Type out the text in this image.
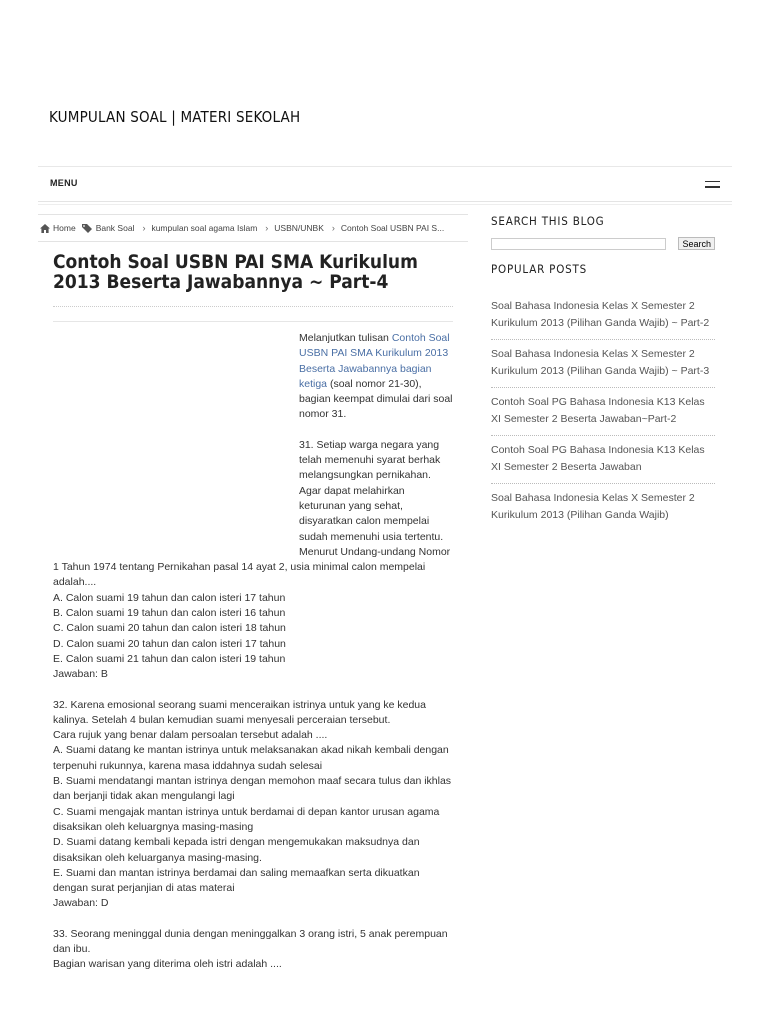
KUMPULAN SOAL | MATERI SEKOLAH
MENU
Home Bank Soal › kumpulan soal agama Islam › USBN/UNBK › Contoh Soal USBN PAI S...
Contoh Soal USBN PAI SMA Kurikulum 2013 Beserta Jawabannya ~ Part-4
Melanjutkan tulisan Contoh Soal USBN PAI SMA Kurikulum 2013 Beserta Jawabannya bagian ketiga (soal nomor 21-30), bagian keempat dimulai dari soal nomor 31.

31. Setiap warga negara yang telah memenuhi syarat berhak melangsungkan pernikahan. Agar dapat melahirkan keturunan yang sehat, disyaratkan calon mempelai sudah memenuhi usia tertentu. Menurut Undang-undang Nomor 1 Tahun 1974 tentang Pernikahan pasal 14 ayat 2, usia minimal calon mempelai adalah....
A. Calon suami 19 tahun dan calon isteri 17 tahun
B. Calon suami 19 tahun dan calon isteri 16 tahun
C. Calon suami 20 tahun dan calon isteri 18 tahun
D. Calon suami 20 tahun dan calon isteri 17 tahun
E. Calon suami 21 tahun dan calon isteri 19 tahun
Jawaban: B

32. Karena emosional seorang suami menceraikan istrinya untuk yang ke kedua kalinya. Setelah 4 bulan kemudian suami menyesali perceraian tersebut.
Cara rujuk yang benar dalam persoalan tersebut adalah ....
A. Suami datang ke mantan istrinya untuk melaksanakan akad nikah kembali dengan terpenuhi rukunnya, karena masa iddahnya sudah selesai
B. Suami mendatangi mantan istrinya dengan memohon maaf secara tulus dan ikhlas dan berjanji tidak akan mengulangi lagi
C. Suami mengajak mantan istrinya untuk berdamai di depan kantor urusan agama disaksikan oleh keluargnya masing-masing
D. Suami datang kembali kepada istri dengan mengemukakan maksudnya dan disaksikan oleh keluarganya masing-masing.
E. Suami dan mantan istrinya berdamai dan saling memaafkan serta dikuatkan dengan surat perjanjian di atas materai
Jawaban: D

33. Seorang meninggal dunia dengan meninggalkan 3 orang istri, 5 anak perempuan dan ibu.
Bagian warisan yang diterima oleh istri adalah ....

SEARCH THIS BLOG
Search
POPULAR POSTS
Soal Bahasa Indonesia Kelas X Semester 2 Kurikulum 2013 (Pilihan Ganda Wajib) ~ Part-2
Soal Bahasa Indonesia Kelas X Semester 2 Kurikulum 2013 (Pilihan Ganda Wajib) ~ Part-3
Contoh Soal PG Bahasa Indonesia K13 Kelas XI Semester 2 Beserta Jawaban~Part-2
Contoh Soal PG Bahasa Indonesia K13 Kelas XI Semester 2 Beserta Jawaban
Soal Bahasa Indonesia Kelas X Semester 2 Kurikulum 2013 (Pilihan Ganda Wajib)
